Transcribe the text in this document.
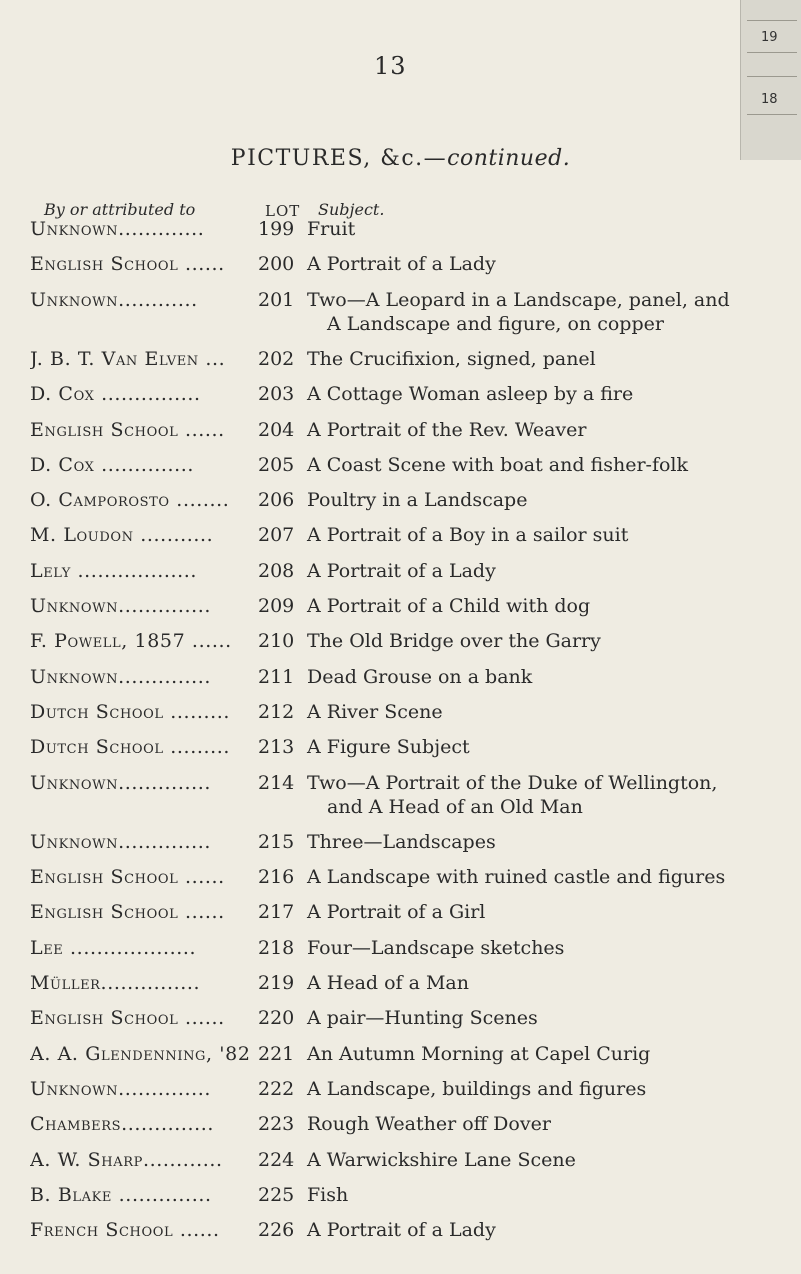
13
19
18
PICTURES, &c.—continued.
By or attributed to	LOT Subject.
Unknown.............	199 Fruit
English School ......	200 A Portrait of a Lady
Unknown............	201 Two—A Leopard in a Landscape, panel, and
A Landscape and figure, on copper
J. B. T. Van Elven ...	202 The Crucifixion, signed, panel
D. Cox ...............	203 A Cottage Woman asleep by a fire
English School ......	204 A Portrait of the Rev. Weaver
D. Cox ..............	205 A Coast Scene with boat and fisher-folk
O. Camporosto ........	206 Poultry in a Landscape
M. Loudon ...........	207 A Portrait of a Boy in a sailor suit
Lely ..................	208 A Portrait of a Lady
Unknown..............	209 A Portrait of a Child with dog
F. Powell, 1857 ......	210 The Old Bridge over the Garry
Unknown..............	211 Dead Grouse on a bank
Dutch School .........	212 A River Scene
Dutch School .........	213 A Figure Subject
Unknown..............	214 Two—A Portrait of the Duke of Wellington,
and A Head of an Old Man
Unknown..............	215 Three—Landscapes
English School ......	216 A Landscape with ruined castle and figures
English School ......	217 A Portrait of a Girl
Lee ...................	218 Four—Landscape sketches
Müller...............	219 A Head of a Man
English School ......	220 A pair—Hunting Scenes
A. A. Glendenning, '82 221 An Autumn Morning at Capel Curig
Unknown..............	222 A Landscape, buildings and figures
Chambers..............	223 Rough Weather off Dover
A. W. Sharp............	224 A Warwickshire Lane Scene
B. Blake ..............	225 Fish
French School ......	226 A Portrait of a Lady
